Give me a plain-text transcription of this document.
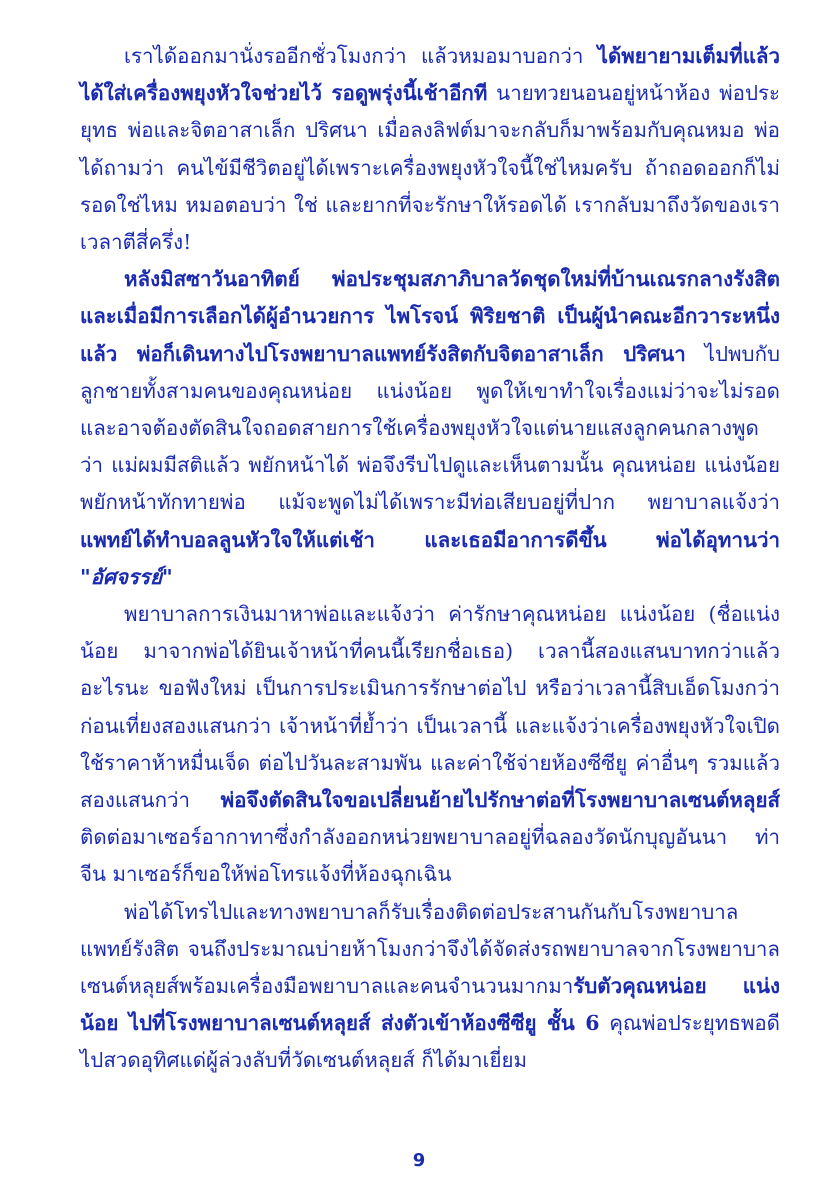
เราได้ออกมานั่งรออีกชั่วโมงกว่า แล้วหมอมาบอกว่า ได้พยายามเต็มที่แล้ว ได้ใส่เครื่องพยุงหัวใจช่วยไว้ รอดูพรุ่งนี้เช้าอีกที นายทวยนอนอยู่หน้าห้อง พ่อประยุทธ พ่อและจิตอาสาเล็ก ปริศนา เมื่อลงลิฟต์มาจะกลับก็มาพร้อมกับคุณหมอ พ่อได้ถามว่า คนไข้มีชีวิตอยู่ได้เพราะเครื่องพยุงหัวใจนี้ใช่ไหมครับ ถ้าถอดออกก็ไม่รอดใช่ไหม หมอตอบว่า ใช่ และยากที่จะรักษาให้รอดได้ เรากลับมาถึงวัดของเราเวลาตีสี่ครึ่ง!

หลังมิสซาวันอาทิตย์ พ่อประชุมสภาภิบาลวัดชุดใหม่ที่บ้านเณรกลางรังสิต และเมื่อมีการเลือกได้ผู้อำนวยการ ไพโรจน์ พิริยชาติ เป็นผู้นำคณะอีกวาระหนึ่งแล้ว พ่อก็เดินทางไปโรงพยาบาลแพทย์รังสิตกับจิตอาสาเล็ก ปริศนา ไปพบกับลูกชายทั้งสามคนของคุณหน่อย แน่งน้อย พูดให้เขาทำใจเรื่องแม่ว่าจะไม่รอด และอาจต้องตัดสินใจถอดสายการใช้เครื่องพยุงหัวใจแต่นายแสงลูกคนกลางพูดว่า แม่ผมมีสติแล้ว พยักหน้าได้ พ่อจึงรีบไปดูและเห็นตามนั้น คุณหน่อย แน่งน้อย พยักหน้าทักทายพ่อ แม้จะพูดไม่ได้เพราะมีท่อเสียบอยู่ที่ปาก พยาบาลแจ้งว่า แพทย์ได้ทำบอลลูนหัวใจให้แต่เช้า และเธอมีอาการดีขึ้น พ่อได้อุทานว่า "อัศจรรย์"

พยาบาลการเงินมาหาพ่อและแจ้งว่า ค่ารักษาคุณหน่อย แน่งน้อย (ชื่อแน่งน้อย มาจากพ่อได้ยินเจ้าหน้าที่คนนี้เรียกชื่อเธอ) เวลานี้สองแสนบาทกว่าแล้ว อะไรนะ ขอฟังใหม่ เป็นการประเมินการรักษาต่อไป หรือว่าเวลานี้สิบเอ็ดโมงกว่าก่อนเที่ยงสองแสนกว่า เจ้าหน้าที่ย้ำว่า เป็นเวลานี้ และแจ้งว่าเครื่องพยุงหัวใจเปิดใช้ราคาห้าหมื่นเจ็ด ต่อไปวันละสามพัน และค่าใช้จ่ายห้องซีซียู ค่าอื่นๆ รวมแล้วสองแสนกว่า พ่อจึงตัดสินใจขอเปลี่ยนย้ายไปรักษาต่อที่โรงพยาบาลเซนต์หลุยส์ ติดต่อมาเซอร์อากาทาซึ่งกำลังออกหน่วยพยาบาลอยู่ที่ฉลองวัดนักบุญอันนา ท่าจีน มาเซอร์ก็ขอให้พ่อโทรแจ้งที่ห้องฉุกเฉิน

พ่อได้โทรไปและทางพยาบาลก็รับเรื่องติดต่อประสานกันกับโรงพยาบาลแพทย์รังสิต จนถึงประมาณบ่ายห้าโมงกว่าจึงได้จัดส่งรถพยาบาลจากโรงพยาบาลเซนต์หลุยส์พร้อมเครื่องมือพยาบาลและคนจำนวนมากมารับตัวคุณหน่อย แน่งน้อย ไปที่โรงพยาบาลเซนต์หลุยส์ ส่งตัวเข้าห้องซีซียู ชั้น 6 คุณพ่อประยุทธพอดีไปสวดอุทิศแด่ผู้ล่วงลับที่วัดเซนต์หลุยส์ ก็ได้มาเยี่ยม

9
